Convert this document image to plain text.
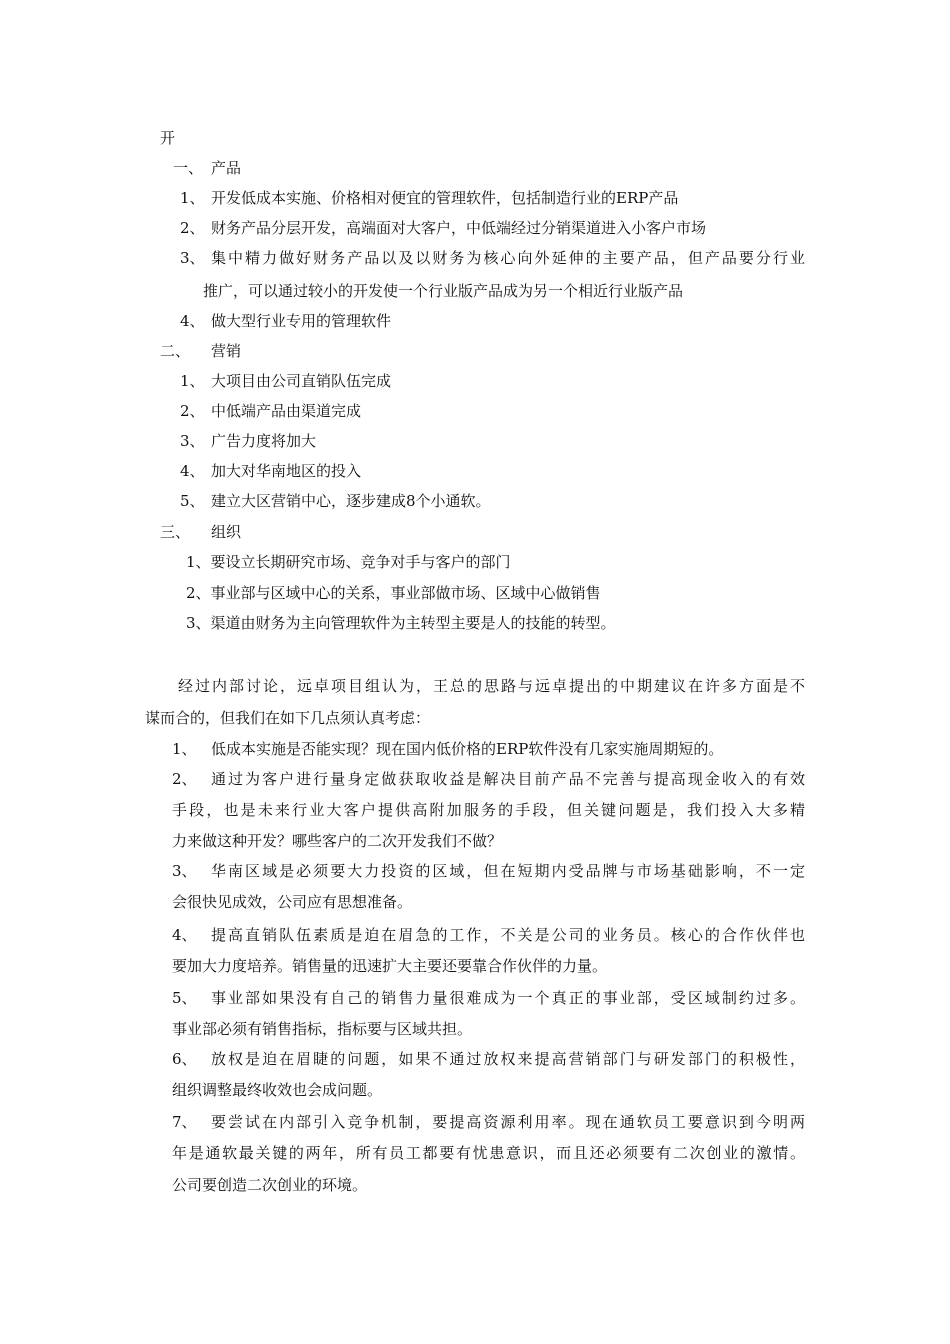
开
一、 产品
1、 开发低成本实施、价格相对便宜的管理软件，包括制造行业的ERP产品
2、 财务产品分层开发，高端面对大客户，中低端经过分销渠道进入小客户市场
3、 集中精力做好财务产品以及以财务为核心向外延伸的主要产品，但产品要分行业
推广，可以通过较小的开发使一个行业版产品成为另一个相近行业版产品
4、 做大型行业专用的管理软件
二、 营销
1、 大项目由公司直销队伍完成
2、 中低端产品由渠道完成
3、 广告力度将加大
4、 加大对华南地区的投入
5、 建立大区营销中心，逐步建成8个小通软。
三、 组织
1、要设立长期研究市场、竞争对手与客户的部门
2、事业部与区域中心的关系，事业部做市场、区域中心做销售
3、渠道由财务为主向管理软件为主转型主要是人的技能的转型。
经过内部讨论，远卓项目组认为，王总的思路与远卓提出的中期建议在许多方面是不
谋而合的，但我们在如下几点须认真考虑：
1、 低成本实施是否能实现？现在国内低价格的ERP软件没有几家实施周期短的。
2、 通过为客户进行量身定做获取收益是解决目前产品不完善与提高现金收入的有效
手段，也是未来行业大客户提供高附加服务的手段，但关键问题是，我们投入大多精
力来做这种开发？哪些客户的二次开发我们不做？
3、 华南区域是必须要大力投资的区域，但在短期内受品牌与市场基础影响，不一定
会很快见成效，公司应有思想准备。
4、 提高直销队伍素质是迫在眉急的工作，不关是公司的业务员。核心的合作伙伴也
要加大力度培养。销售量的迅速扩大主要还要靠合作伙伴的力量。
5、 事业部如果没有自己的销售力量很难成为一个真正的事业部，受区域制约过多。
事业部必须有销售指标，指标要与区域共担。
6、 放权是迫在眉睫的问题，如果不通过放权来提高营销部门与研发部门的积极性，
组织调整最终收效也会成问题。
7、 要尝试在内部引入竞争机制，要提高资源利用率。现在通软员工要意识到今明两
年是通软最关键的两年，所有员工都要有忧患意识，而且还必须要有二次创业的激情。
公司要创造二次创业的环境。
